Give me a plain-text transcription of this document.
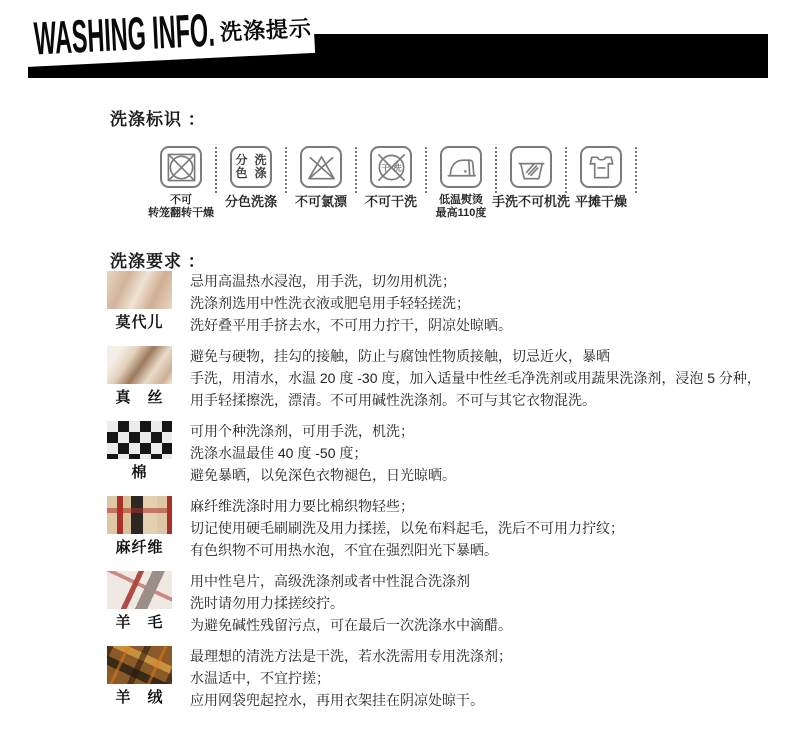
WASHING INFO. 洗涤提示
洗涤标识 ：
不可
转笼翻转干燥
分色
洗涤
分色洗涤 不可氯漂
干 洗
不可干洗	低温熨烫
最高110度
手洗不可机洗 平摊干燥
洗涤要求 ：
莫代儿
忌用高温热水浸泡，用手洗，切勿用机洗；
洗涤剂选用中性洗衣液或肥皂用手轻轻搓洗；
洗好叠平用手挤去水，不可用力拧干，阴凉处晾晒。
真　丝
避免与硬物，挂勾的接触，防止与腐蚀性物质接触，切忌近火，暴晒
手洗，用清水，水温 20 度 -30 度，加入适量中性丝毛净洗剂或用蔬果洗涤剂，浸泡 5 分种，
用手轻揉擦洗，漂清。不可用碱性洗涤剂。不可与其它衣物混洗。
棉
可用个种洗涤剂，可用手洗，机洗；
洗涤水温最佳 40 度 -50 度；
避免暴晒，以免深色衣物褪色，日光晾晒。
麻纤维
麻纤维洗涤时用力要比棉织物轻些；
切记使用硬毛刷刷洗及用力揉搓，以免布料起毛，洗后不可用力拧纹；
有色织物不可用热水泡，不宜在强烈阳光下暴晒。
羊　毛
用中性皂片，高级洗涤剂或者中性混合洗涤剂
洗时请勿用力揉搓绞拧。
为避免碱性残留污点，可在最后一次洗涤水中滴醋。
羊　绒
最理想的清洗方法是干洗，若水洗需用专用洗涤剂；
水温适中，不宜拧搓；
应用网袋兜起控水，再用衣架挂在阴凉处晾干。
